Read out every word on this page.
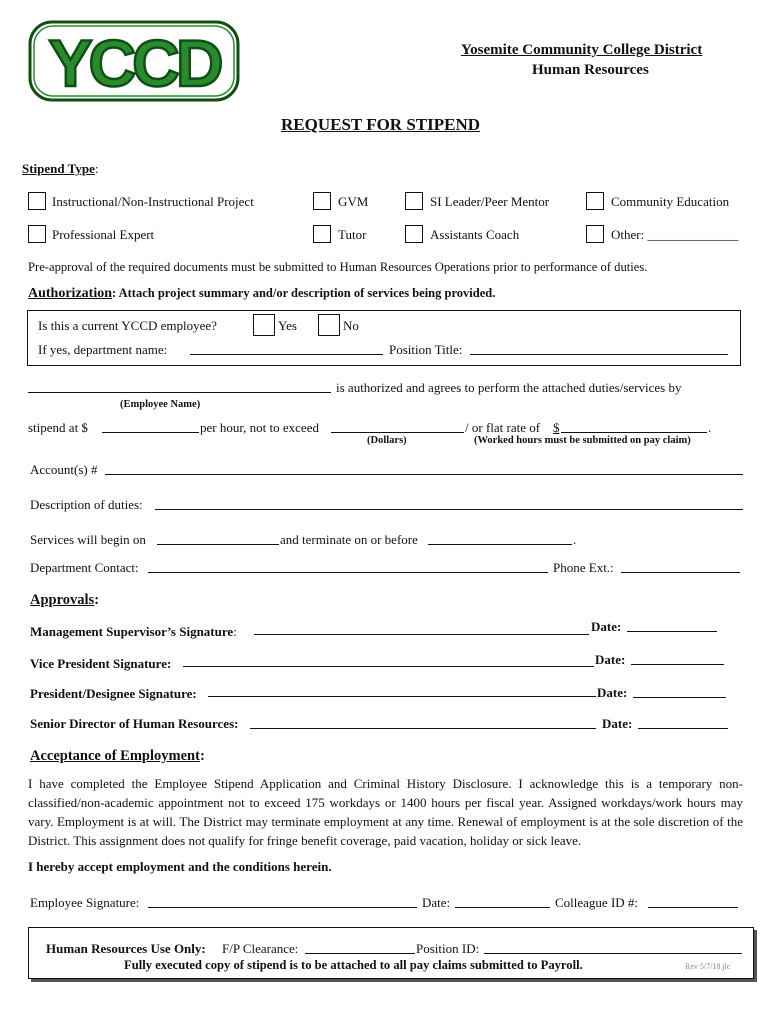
YCCD	Yosemite Community College District
Human Resources
REQUEST FOR STIPEND
Stipend Type:
Instructional/Non-Instructional Project	GVM	SI Leader/Peer Mentor	Community Education
Professional Expert	Tutor	Assistants Coach	Other: ______________
Pre-approval of the required documents must be submitted to Human Resources Operations prior to performance of duties.
Authorization: Attach project summary and/or description of services being provided.
Is this a current YCCD employee?	Yes	No
If yes, department name:	Position Title:
is authorized and agrees to perform the attached duties/services by
(Employee Name)
stipend at $	per hour, not to exceed	/ or flat rate of $	.
(Dollars)	(Worked hours must be submitted on pay claim)
Account(s) #
Description of duties:
Services will begin on	and terminate on or before	.
Department Contact:	Phone Ext.:
Approvals:
Management Supervisor’s Signature:	Date:
Vice President Signature:	Date:
President/Designee Signature:	Date:
Senior Director of Human Resources:	Date:
Acceptance of Employment:
I have completed the Employee Stipend Application and Criminal History Disclosure. I acknowledge this is a temporary non-classified/non-academic appointment not to exceed 175 workdays or 1400 hours per fiscal year. Assigned workdays/work hours may vary. Employment is at will. The District may terminate employment at any time. Renewal of employment is at the sole discretion of the District. This assignment does not qualify for fringe benefit coverage, paid vacation, holiday or sick leave.
I hereby accept employment and the conditions herein.
Employee Signature:	Date:	Colleague ID #:
Human Resources Use Only: F/P Clearance:	Position ID:
Fully executed copy of stipend is to be attached to all pay claims submitted to Payroll.	Rev 5/7/18 jlc
